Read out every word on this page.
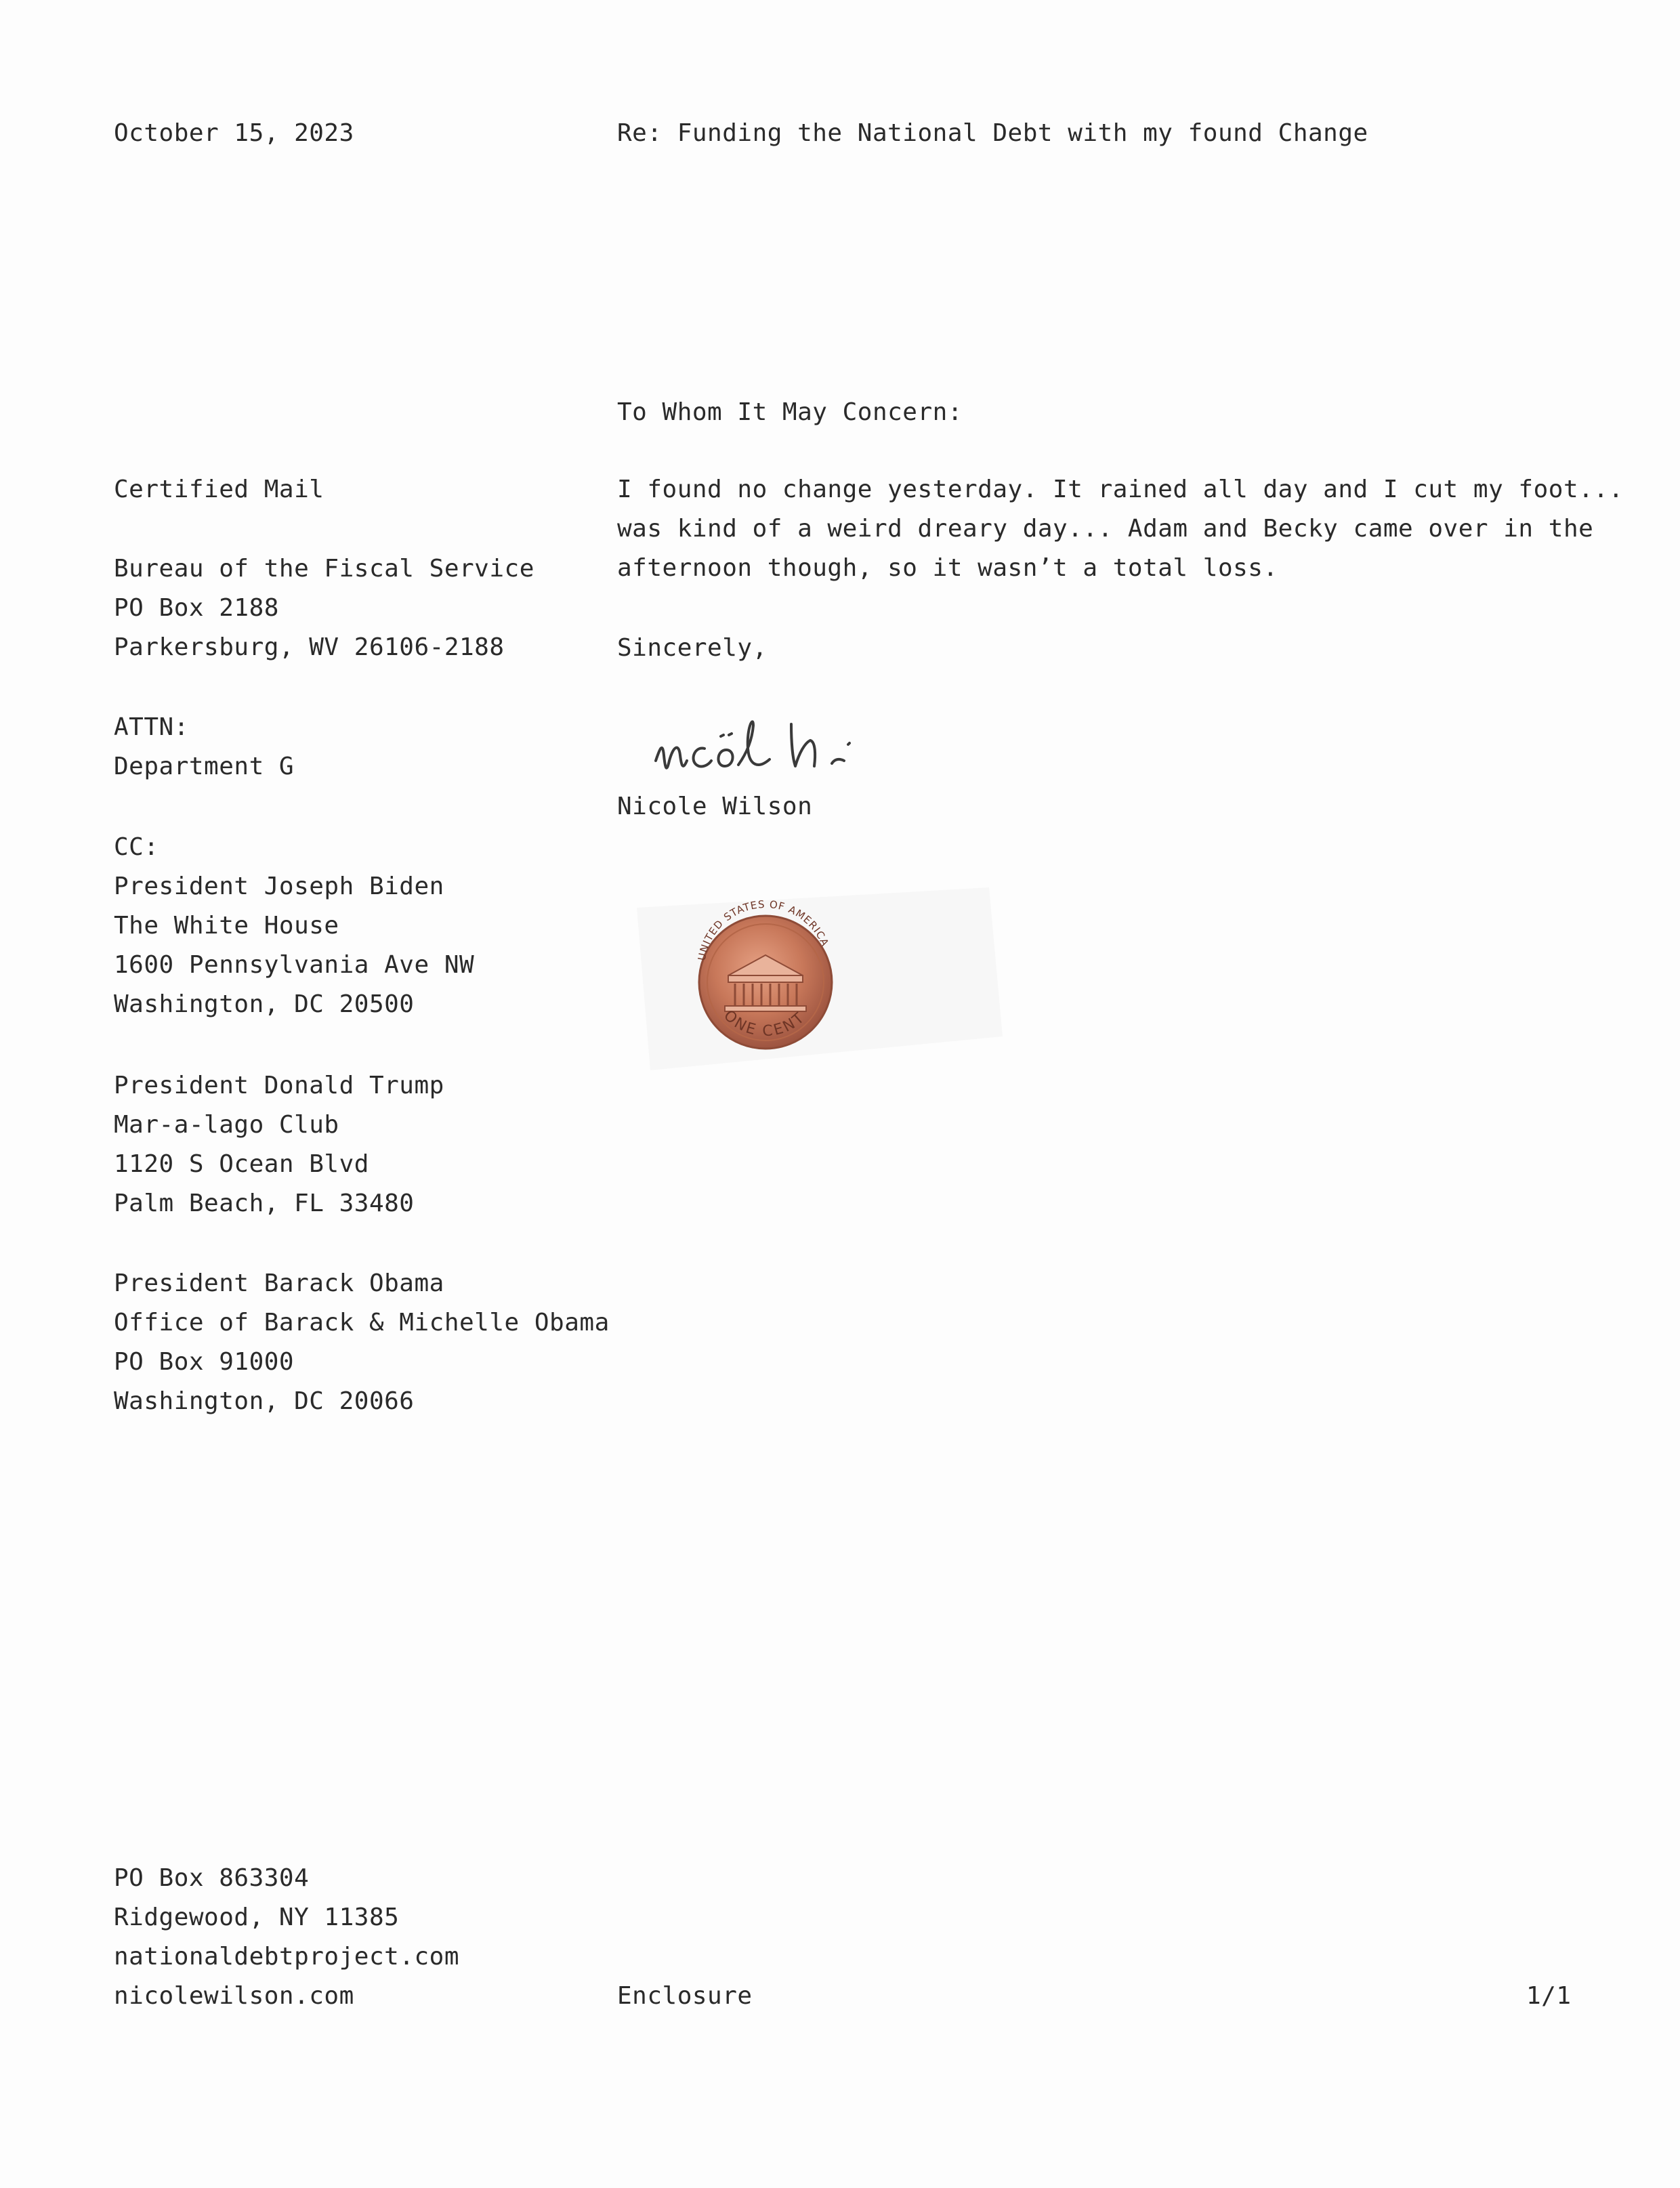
October 15, 2023	Re: Funding the National Debt with my found Change
To Whom It May Concern:
Certified Mail
Bureau of the Fiscal Service
PO Box 2188
Parkersburg, WV 26106-2188
ATTN:
Department G
CC:
President Joseph Biden
The White House
1600 Pennsylvania Ave NW
Washington, DC 20500
President Donald Trump
Mar-a-lago Club
1120 S Ocean Blvd
Palm Beach, FL 33480
President Barack Obama
Office of Barack & Michelle Obama
PO Box 91000
Washington, DC 20066
I found no change yesterday. It rained all day and I cut my foot...
was kind of a weird dreary day... Adam and Becky came over in the
afternoon though, so it wasn’t a total loss.
Sincerely,
Nicole Wilson
UNITED STATES OF AMERICA
ONE CENT
PO Box 863304
Ridgewood, NY 11385
nationaldebtproject.com
nicolewilson.com	Enclosure	1/1
